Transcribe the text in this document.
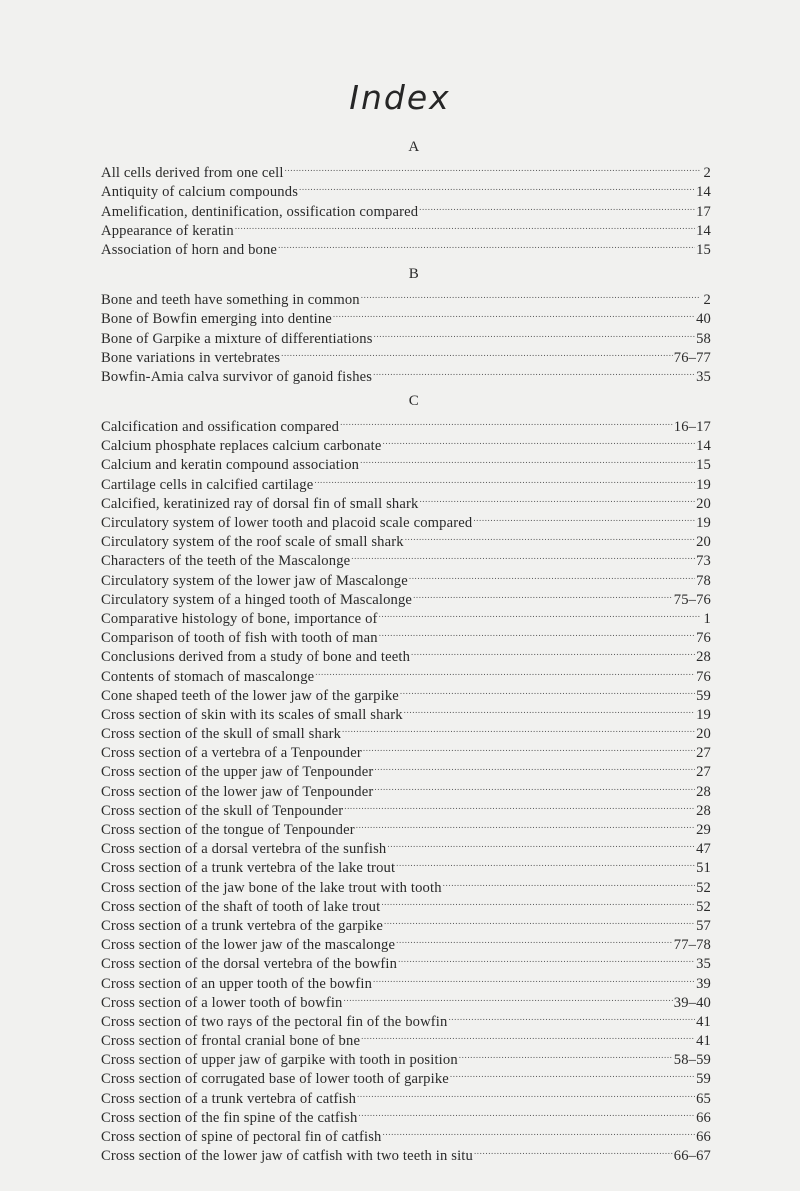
Index
A
All cells derived from one cell .....	2
Antiquity of calcium compounds .....	14
Amelification, dentinification, ossification compared .....	17
Appearance of keratin .....	14
Association of horn and bone .....	15
B
Bone and teeth have something in common .....	2
Bone of Bowfin emerging into dentine .....	40
Bone of Garpike a mixture of differentiations .....	58
Bone variations in vertebrates .....	76–77
Bowfin-Amia calva survivor of ganoid fishes .....	35
C
Calcification and ossification compared .....	16–17
Calcium phosphate replaces calcium carbonate .....	14
Calcium and keratin compound association .....	15
Cartilage cells in calcified cartilage .....	19
Calcified, keratinized ray of dorsal fin of small shark .....	20
Circulatory system of lower tooth and placoid scale compared .....	19
Circulatory system of the roof scale of small shark .....	20
Characters of the teeth of the Mascalonge .....	73
Circulatory system of the lower jaw of Mascalonge .....	78
Circulatory system of a hinged tooth of Mascalonge .....	75–76
Comparative histology of bone, importance of .....	1
Comparison of tooth of fish with tooth of man .....	76
Conclusions derived from a study of bone and teeth .....	28
Contents of stomach of mascalonge .....	76
Cone shaped teeth of the lower jaw of the garpike .....	59
Cross section of skin with its scales of small shark .....	19
Cross section of the skull of small shark .....	20
Cross section of a vertebra of a Tenpounder .....	27
Cross section of the upper jaw of Tenpounder .....	27
Cross section of the lower jaw of Tenpounder .....	28
Cross section of the skull of Tenpounder .....	28
Cross section of the tongue of Tenpounder .....	29
Cross section of a dorsal vertebra of the sunfish .....	47
Cross section of a trunk vertebra of the lake trout .....	51
Cross section of the jaw bone of the lake trout with tooth .....	52
Cross section of the shaft of tooth of lake trout .....	52
Cross section of a trunk vertebra of the garpike .....	57
Cross section of the lower jaw of the mascalonge .....	77–78
Cross section of the dorsal vertebra of the bowfin .....	35
Cross section of an upper tooth of the bowfin .....	39
Cross section of a lower tooth of bowfin .....	39–40
Cross section of two rays of the pectoral fin of the bowfin .....	41
Cross section of frontal cranial bone of bne .....	41
Cross section of upper jaw of garpike with tooth in position .....	58–59
Cross section of corrugated base of lower tooth of garpike .....	59
Cross section of a trunk vertebra of catfish .....	65
Cross section of the fin spine of the catfish .....	66
Cross section of spine of pectoral fin of catfish .....	66
Cross section of the lower jaw of catfish with two teeth in situ .....	66–67
